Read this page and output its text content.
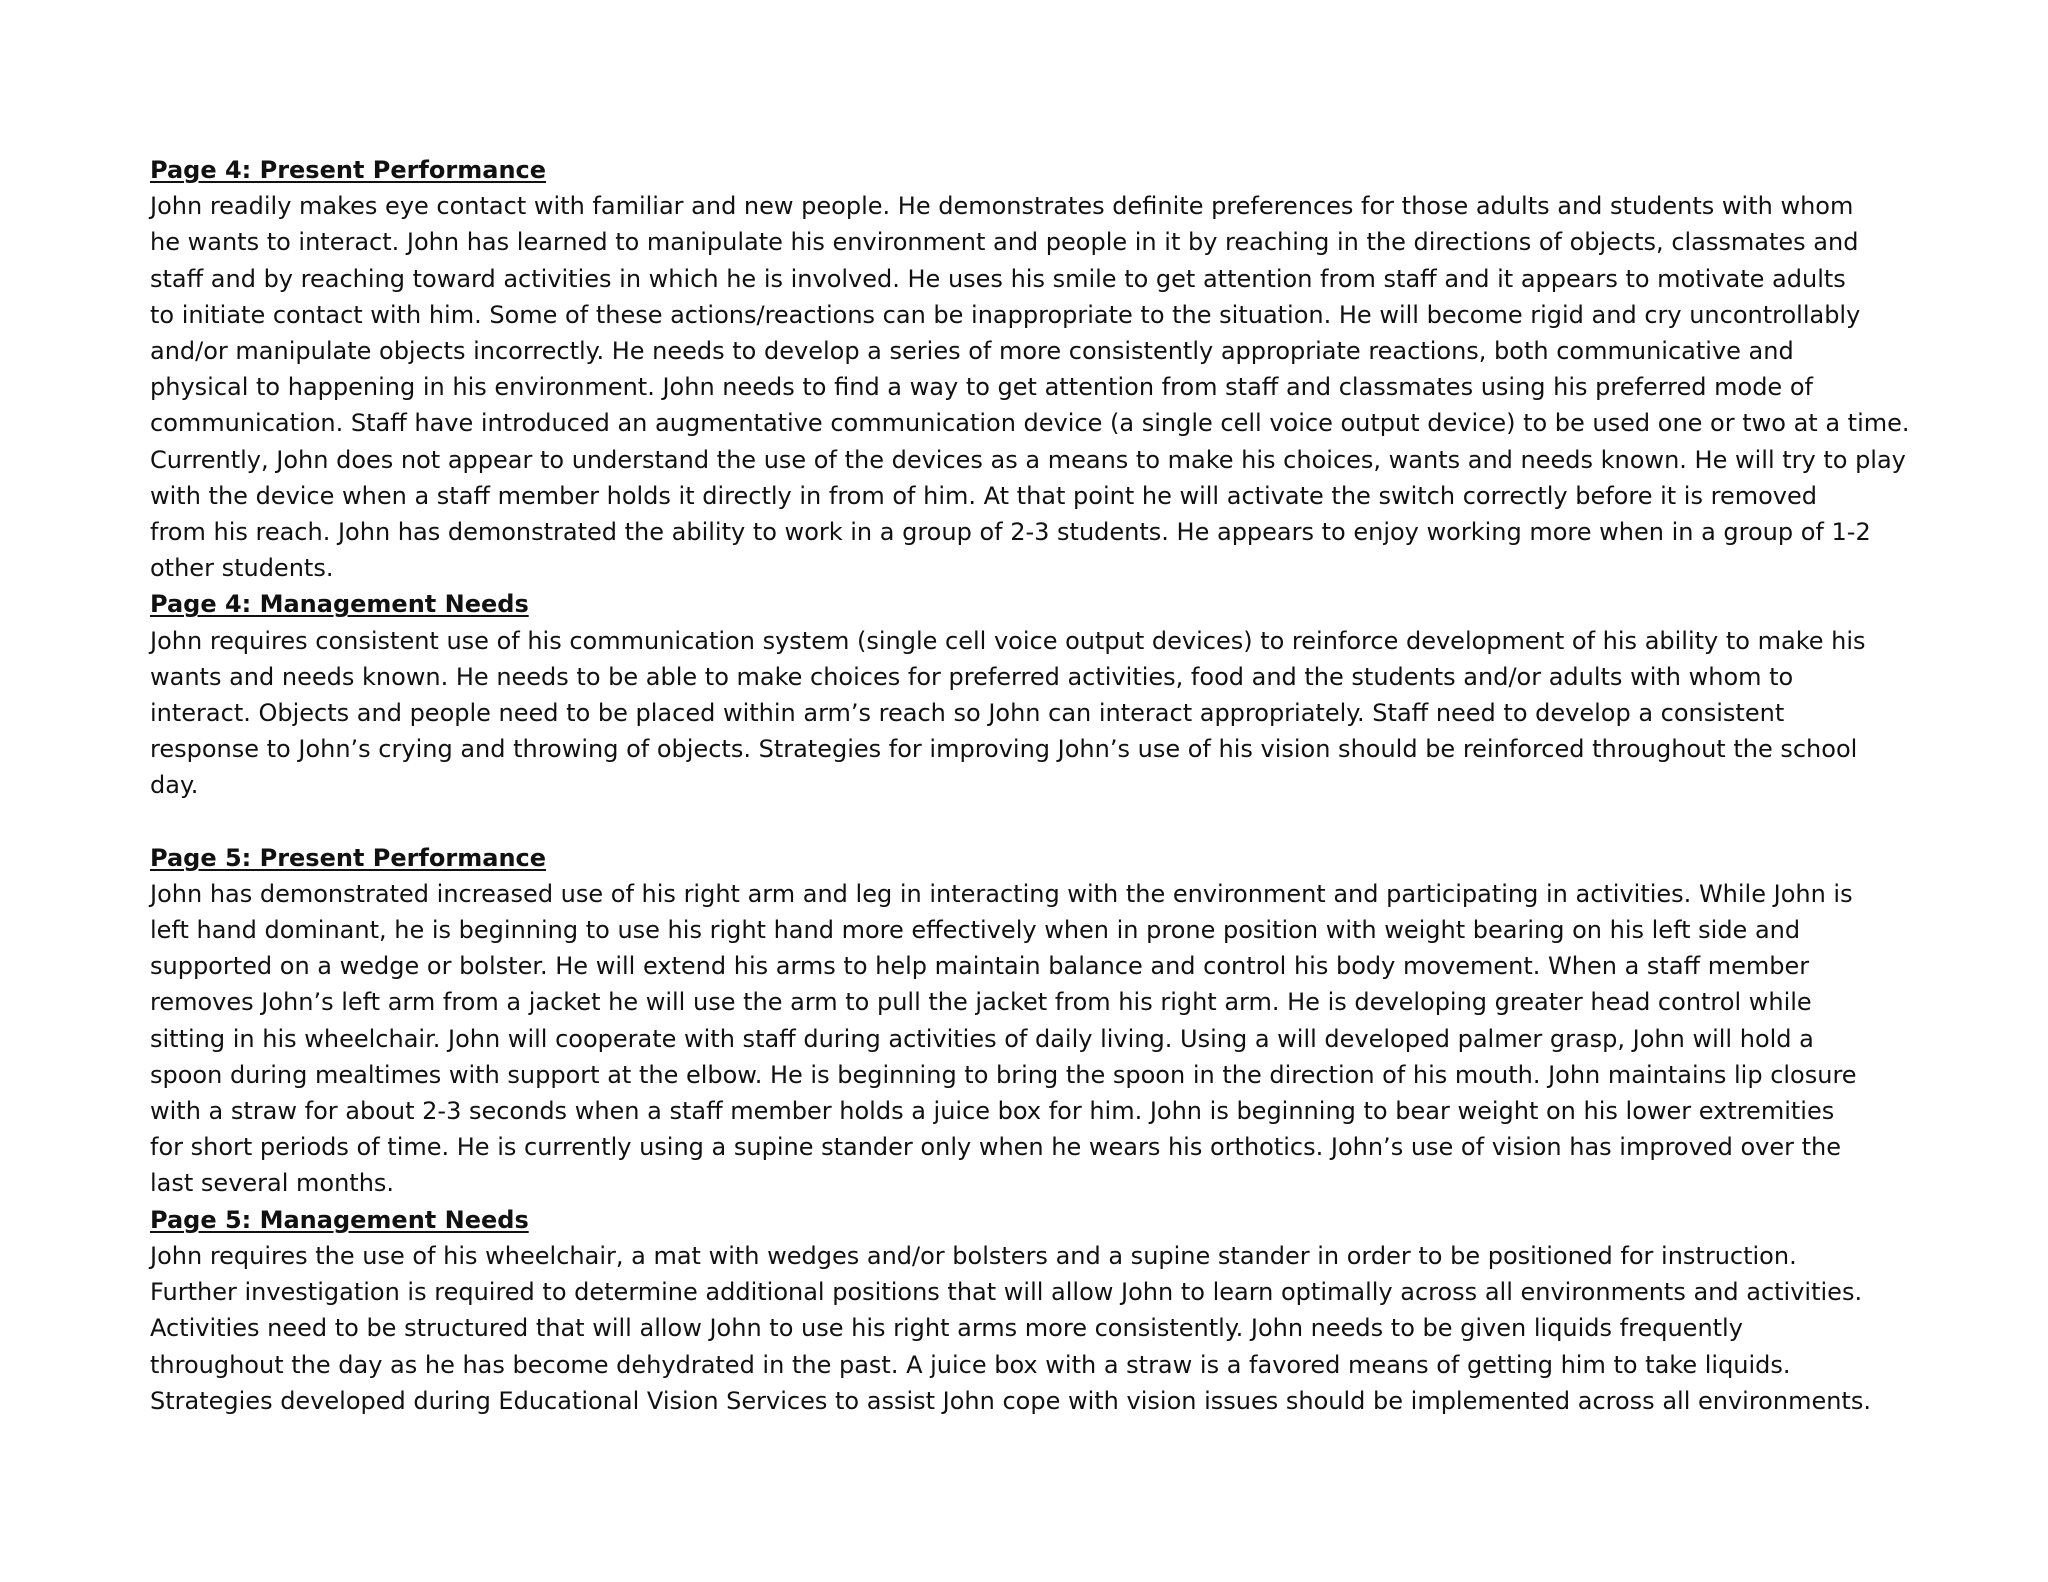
Page 4: Present Performance

John readily makes eye contact with familiar and new people. He demonstrates definite preferences for those adults and students with whom
he wants to interact. John has learned to manipulate his environment and people in it by reaching in the directions of objects, classmates and
staff and by reaching toward activities in which he is involved. He uses his smile to get attention from staff and it appears to motivate adults
to initiate contact with him. Some of these actions/reactions can be inappropriate to the situation. He will become rigid and cry uncontrollably
and/or manipulate objects incorrectly. He needs to develop a series of more consistently appropriate reactions, both communicative and
physical to happening in his environment. John needs to find a way to get attention from staff and classmates using his preferred mode of
communication. Staff have introduced an augmentative communication device (a single cell voice output device) to be used one or two at a time.
Currently, John does not appear to understand the use of the devices as a means to make his choices, wants and needs known. He will try to play
with the device when a staff member holds it directly in from of him. At that point he will activate the switch correctly before it is removed
from his reach. John has demonstrated the ability to work in a group of 2-3 students. He appears to enjoy working more when in a group of 1-2
other students.

Page 4: Management Needs

John requires consistent use of his communication system (single cell voice output devices) to reinforce development of his ability to make his
wants and needs known. He needs to be able to make choices for preferred activities, food and the students and/or adults with whom to
interact. Objects and people need to be placed within arm’s reach so John can interact appropriately. Staff need to develop a consistent
response to John’s crying and throwing of objects. Strategies for improving John’s use of his vision should be reinforced throughout the school
day.

Page 5: Present Performance

John has demonstrated increased use of his right arm and leg in interacting with the environment and participating in activities. While John is
left hand dominant, he is beginning to use his right hand more effectively when in prone position with weight bearing on his left side and
supported on a wedge or bolster. He will extend his arms to help maintain balance and control his body movement. When a staff member
removes John’s left arm from a jacket he will use the arm to pull the jacket from his right arm. He is developing greater head control while
sitting in his wheelchair. John will cooperate with staff during activities of daily living. Using a will developed palmer grasp, John will hold a
spoon during mealtimes with support at the elbow. He is beginning to bring the spoon in the direction of his mouth. John maintains lip closure
with a straw for about 2-3 seconds when a staff member holds a juice box for him. John is beginning to bear weight on his lower extremities
for short periods of time. He is currently using a supine stander only when he wears his orthotics. John’s use of vision has improved over the
last several months.

Page 5: Management Needs

John requires the use of his wheelchair, a mat with wedges and/or bolsters and a supine stander in order to be positioned for instruction.
Further investigation is required to determine additional positions that will allow John to learn optimally across all environments and activities.
Activities need to be structured that will allow John to use his right arms more consistently. John needs to be given liquids frequently
throughout the day as he has become dehydrated in the past. A juice box with a straw is a favored means of getting him to take liquids.
Strategies developed during Educational Vision Services to assist John cope with vision issues should be implemented across all environments.
